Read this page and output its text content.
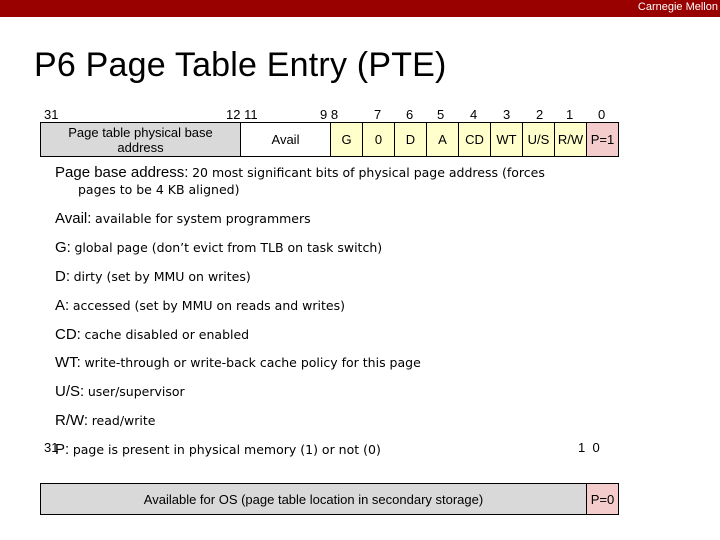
Carnegie Mellon
P6 Page Table Entry (PTE)
31	12 11	9 8	7 6 5 4 3 2 1 0
Page table physical base address	Avail	G	0	D	A	CD WT U/S R/W P=1
Page base address: 20 most significant bits of physical page address (forces
pages to be 4 KB aligned)
Avail: available for system programmers
G: global page (don’t evict from TLB on task switch)
D: dirty (set by MMU on writes)
A: accessed (set by MMU on reads and writes)
CD: cache disabled or enabled
WT: write-through or write-back cache policy for this page
U/S: user/supervisor
R/W: read/write
P: page is present in physical memory (1) or not (0)
31	1  0
Available for OS (page table location in secondary storage)	P=0
